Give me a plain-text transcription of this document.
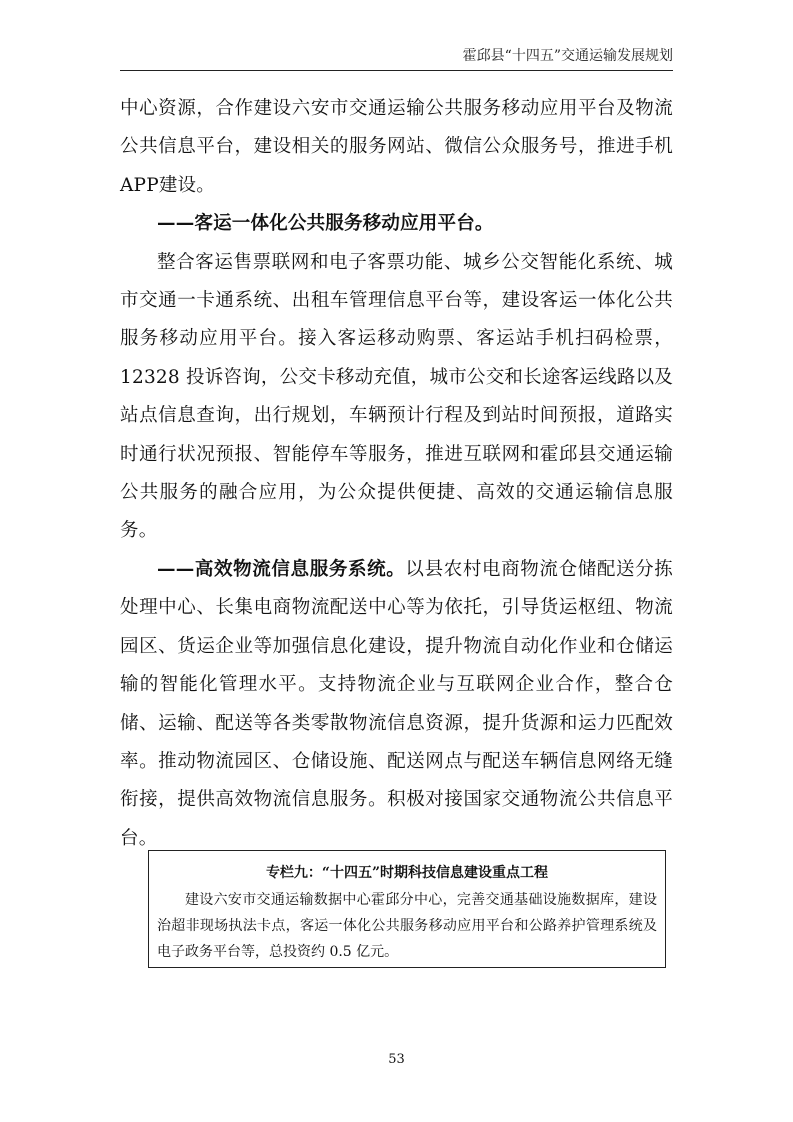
霍邱县“十四五”交通运输发展规划

中心资源，合作建设六安市交通运输公共服务移动应用平台及物流公共信息平台，建设相关的服务网站、微信公众服务号，推进手机APP建设。

——客运一体化公共服务移动应用平台。

整合客运售票联网和电子客票功能、城乡公交智能化系统、城市交通一卡通系统、出租车管理信息平台等，建设客运一体化公共服务移动应用平台。接入客运移动购票、客运站手机扫码检票，12328 投诉咨询，公交卡移动充值，城市公交和长途客运线路以及站点信息查询，出行规划，车辆预计行程及到站时间预报，道路实时通行状况预报、智能停车等服务，推进互联网和霍邱县交通运输公共服务的融合应用，为公众提供便捷、高效的交通运输信息服务。

——高效物流信息服务系统。以县农村电商物流仓储配送分拣处理中心、长集电商物流配送中心等为依托，引导货运枢纽、物流园区、货运企业等加强信息化建设，提升物流自动化作业和仓储运输的智能化管理水平。支持物流企业与互联网企业合作，整合仓储、运输、配送等各类零散物流信息资源，提升货源和运力匹配效率。推动物流园区、仓储设施、配送网点与配送车辆信息网络无缝衔接，提供高效物流信息服务。积极对接国家交通物流公共信息平台。

专栏九：“十四五”时期科技信息建设重点工程

建设六安市交通运输数据中心霍邱分中心，完善交通基础设施数据库，建设治超非现场执法卡点，客运一体化公共服务移动应用平台和公路养护管理系统及电子政务平台等，总投资约 0.5 亿元。

53
